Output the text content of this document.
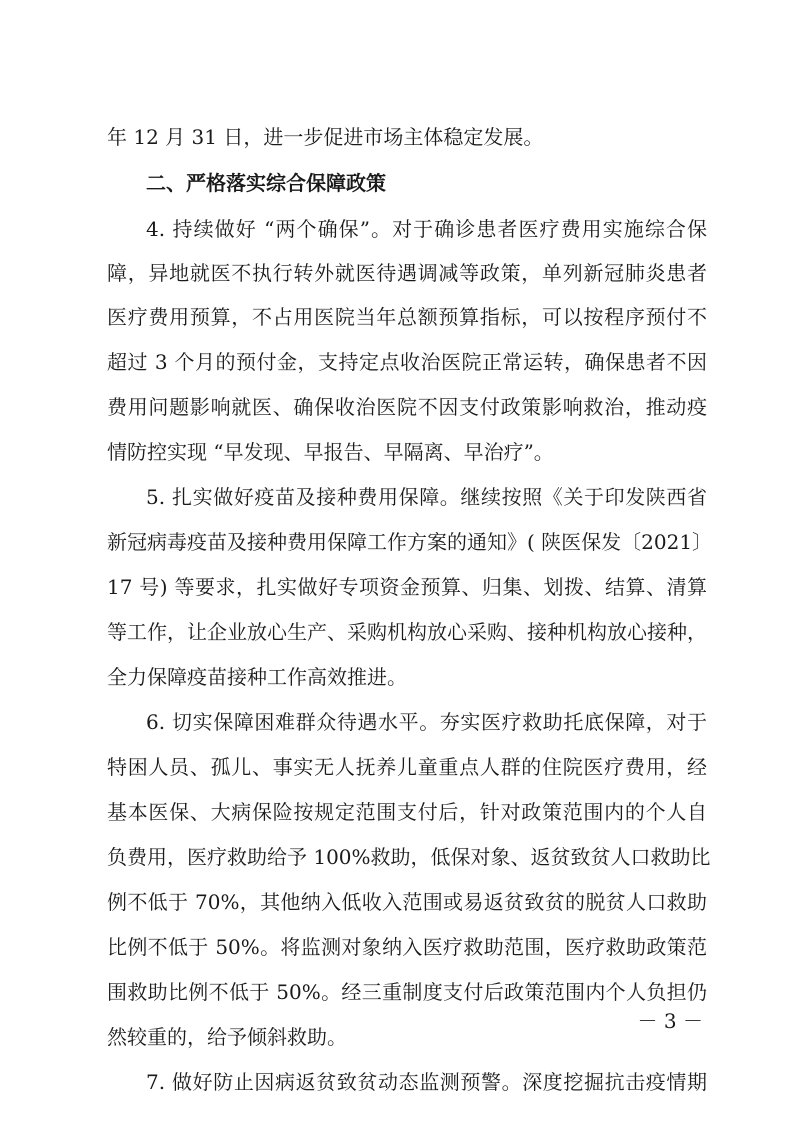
年 12 月 31 日，进一步促进市场主体稳定发展。
二、严格落实综合保障政策
4. 持续做好 “两个确保”。对于确诊患者医疗费用实施综合保
障，异地就医不执行转外就医待遇调减等政策，单列新冠肺炎患者
医疗费用预算，不占用医院当年总额预算指标，可以按程序预付不
超过 3 个月的预付金，支持定点收治医院正常运转，确保患者不因
费用问题影响就医、确保收治医院不因支付政策影响救治，推动疫
情防控实现 “早发现、早报告、早隔离、早治疗”。
5. 扎实做好疫苗及接种费用保障。继续按照《关于印发陕西省
新冠病毒疫苗及接种费用保障工作方案的通知》( 陕医保发〔2021〕
17 号) 等要求，扎实做好专项资金预算、归集、划拨、结算、清算
等工作，让企业放心生产、采购机构放心采购、接种机构放心接种，
全力保障疫苗接种工作高效推进。
6. 切实保障困难群众待遇水平。夯实医疗救助托底保障，对于
特困人员、孤儿、事实无人抚养儿童重点人群的住院医疗费用，经
基本医保、大病保险按规定范围支付后，针对政策范围内的个人自
负费用，医疗救助给予 100%救助，低保对象、返贫致贫人口救助比
例不低于 70%，其他纳入低收入范围或易返贫致贫的脱贫人口救助
比例不低于 50%。将监测对象纳入医疗救助范围，医疗救助政策范
围救助比例不低于 50%。经三重制度支付后政策范围内个人负担仍
然较重的，给予倾斜救助。
7. 做好防止因病返贫致贫动态监测预警。深度挖掘抗击疫情期
－ 3 －
